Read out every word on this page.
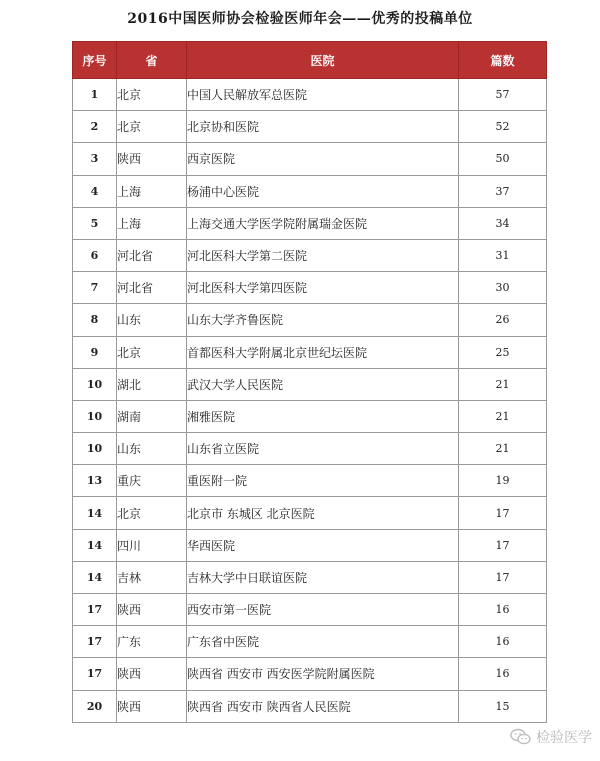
2016中国医师协会检验医师年会——优秀的投稿单位
序号	省	医院	篇数
1	北京	中国人民解放军总医院	57
2	北京	北京协和医院	52
3	陕西	西京医院	50
4	上海	杨浦中心医院	37
5	上海	上海交通大学医学院附属瑞金医院	34
6	河北省	河北医科大学第二医院	31
7	河北省	河北医科大学第四医院	30
8	山东	山东大学齐鲁医院	26
9	北京	首都医科大学附属北京世纪坛医院	25
10	湖北	武汉大学人民医院	21
10	湖南	湘雅医院	21
10	山东	山东省立医院	21
13	重庆	重医附一院	19
14	北京	北京市 东城区 北京医院	17
14	四川	华西医院	17
14	吉林	吉林大学中日联谊医院	17
17	陕西	西安市第一医院	16
17	广东	广东省中医院	16
17	陕西	陕西省 西安市 西安医学院附属医院	16
20	陕西	陕西省 西安市 陕西省人民医院	15
检验医学
